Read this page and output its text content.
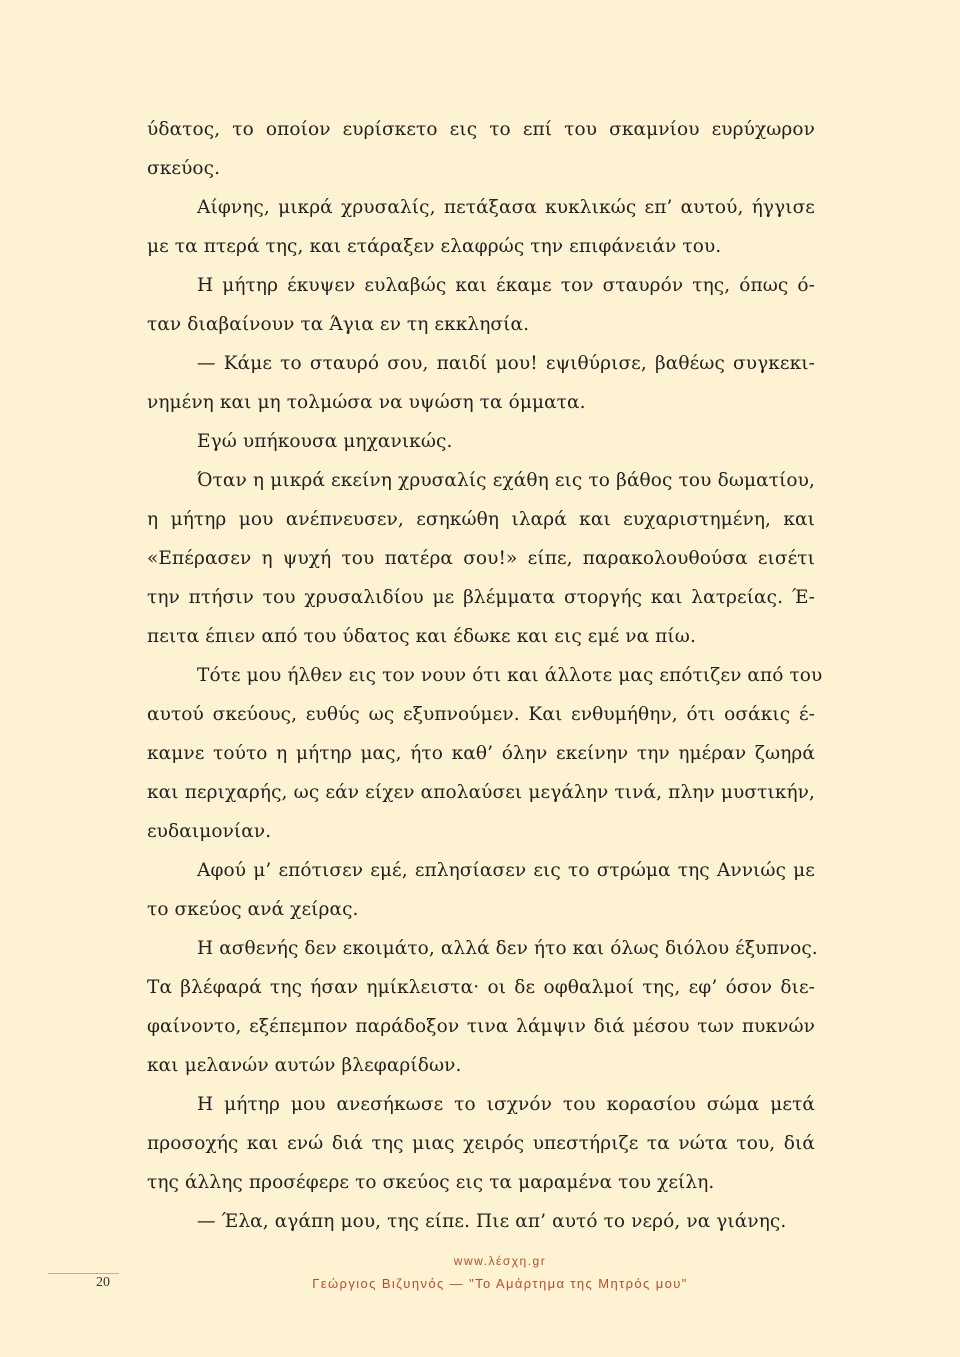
ύδατος, το οποίον ευρίσκετο εις το επί του σκαμνίου ευρύχωρον
σκεύος.
Αίφνης, μικρά χρυσαλίς, πετάξασα κυκλικώς επ’ αυτού, ήγγισε
με τα πτερά της, και ετάραξεν ελαφρώς την επιφάνειάν του.
Η μήτηρ έκυψεν ευλαβώς και έκαμε τον σταυρόν της, όπως ό-
ταν διαβαίνουν τα Άγια εν τη εκκλησία.
— Κάμε το σταυρό σου, παιδί μου! εψιθύρισε, βαθέως συγκεκι-
νημένη και μη τολμώσα να υψώση τα όμματα.
Εγώ υπήκουσα μηχανικώς.
Όταν η μικρά εκείνη χρυσαλίς εχάθη εις το βάθος του δωματίου,
η μήτηρ μου ανέπνευσεν, εσηκώθη ιλαρά και ευχαριστημένη, και
«Επέρασεν η ψυχή του πατέρα σου!» είπε, παρακολουθούσα εισέτι
την πτήσιν του χρυσαλιδίου με βλέμματα στοργής και λατρείας. Έ-
πειτα έπιεν από του ύδατος και έδωκε και εις εμέ να πίω.
Τότε μου ήλθεν εις τον νουν ότι και άλλοτε μας επότιζεν από του
αυτού σκεύους, ευθύς ως εξυπνούμεν. Και ενθυμήθην, ότι οσάκις έ-
καμνε τούτο η μήτηρ μας, ήτο καθ’ όλην εκείνην την ημέραν ζωηρά
και περιχαρής, ως εάν είχεν απολαύσει μεγάλην τινά, πλην μυστικήν,
ευδαιμονίαν.
Αφού μ’ επότισεν εμέ, επλησίασεν εις το στρώμα της Αννιώς με
το σκεύος ανά χείρας.
Η ασθενής δεν εκοιμάτο, αλλά δεν ήτο και όλως διόλου έξυπνος.
Τα βλέφαρά της ήσαν ημίκλειστα· οι δε οφθαλμοί της, εφ’ όσον διε-
φαίνοντο, εξέπεμπον παράδοξον τινα λάμψιν διά μέσου των πυκνών
και μελανών αυτών βλεφαρίδων.
Η μήτηρ μου ανεσήκωσε το ισχνόν του κορασίου σώμα μετά
προσοχής και ενώ διά της μιας χειρός υπεστήριζε τα νώτα του, διά
της άλλης προσέφερε το σκεύος εις τα μαραμένα του χείλη.
— Έλα, αγάπη μου, της είπε. Πιε απ’ αυτό το νερό, να γιάνης.
20
www.λέσχη.gr
Γεώργιος Βιζυηνός — "Το Αμάρτημα της Μητρός μου"
